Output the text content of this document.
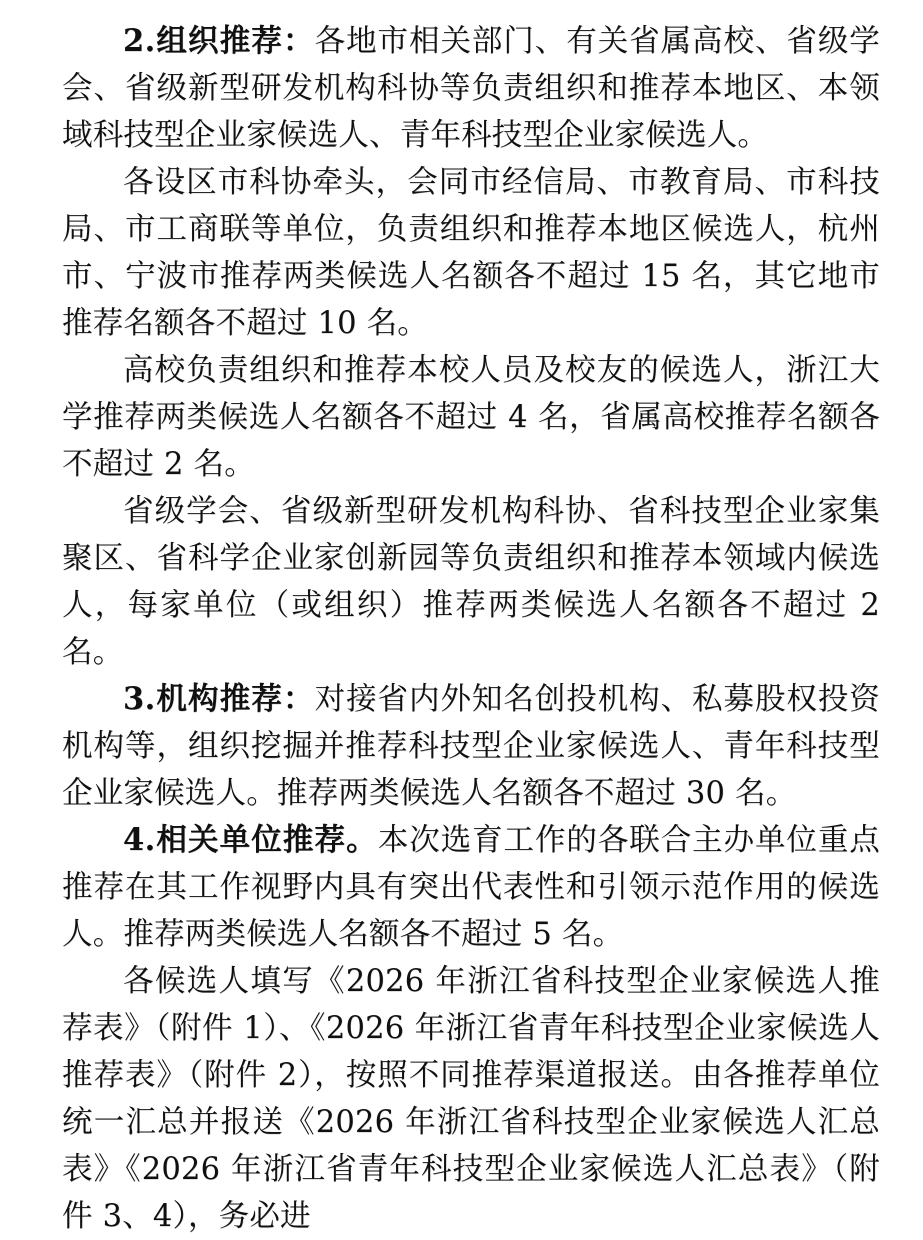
2.组织推荐：各地市相关部门、有关省属高校、省级学会、省级新型研发机构科协等负责组织和推荐本地区、本领域科技型企业家候选人、青年科技型企业家候选人。

各设区市科协牵头，会同市经信局、市教育局、市科技局、市工商联等单位，负责组织和推荐本地区候选人，杭州市、宁波市推荐两类候选人名额各不超过 15 名，其它地市推荐名额各不超过 10 名。

高校负责组织和推荐本校人员及校友的候选人，浙江大学推荐两类候选人名额各不超过 4 名，省属高校推荐名额各不超过 2 名。

省级学会、省级新型研发机构科协、省科技型企业家集聚区、省科学企业家创新园等负责组织和推荐本领域内候选人，每家单位（或组织）推荐两类候选人名额各不超过 2 名。

3.机构推荐：对接省内外知名创投机构、私募股权投资机构等，组织挖掘并推荐科技型企业家候选人、青年科技型企业家候选人。推荐两类候选人名额各不超过 30 名。

4.相关单位推荐。本次选育工作的各联合主办单位重点推荐在其工作视野内具有突出代表性和引领示范作用的候选人。推荐两类候选人名额各不超过 5 名。

各候选人填写《2026 年浙江省科技型企业家候选人推荐表》（附件 1）、《2026 年浙江省青年科技型企业家候选人推荐表》（附件 2），按照不同推荐渠道报送。由各推荐单位统一汇总并报送《2026 年浙江省科技型企业家候选人汇总表》《2026 年浙江省青年科技型企业家候选人汇总表》（附件 3、4），务必进
